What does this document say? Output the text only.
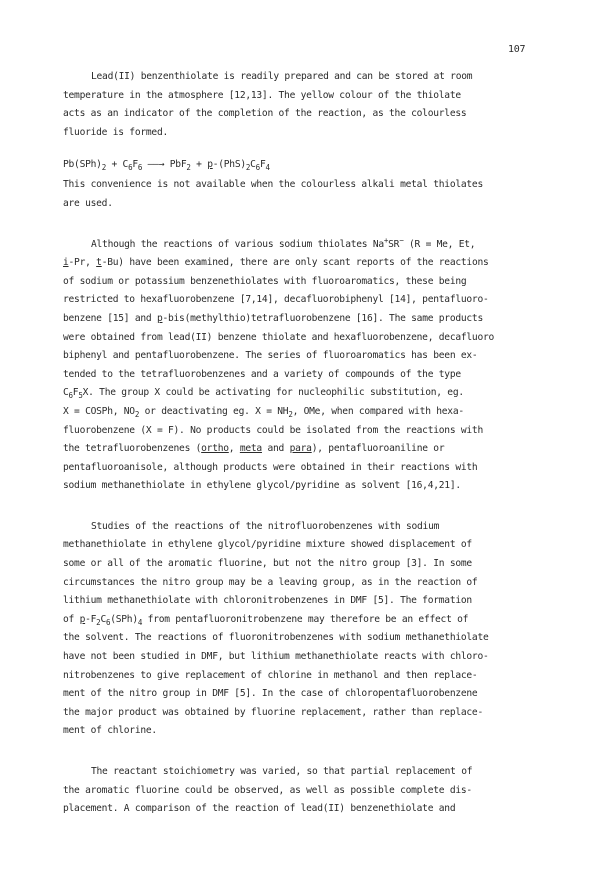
107

Lead(II) benzenthiolate is readily prepared and can be stored at room

temperature in the atmosphere [12,13]. The yellow colour of the thiolate

acts as an indicator of the completion of the reaction, as the colourless

fluoride is formed.

$Pb(SPh)_2 + C_6F_6$ ——→ $PbF_2 + p-(PhS)_2C_6F_4$

This convenience is not available when the colourless alkali metal thiolates

are used.

Although the reactions of various sodium thiolates Na+SR− (R = Me, Et,

i-Pr, t-Bu) have been examined, there are only scant reports of the reactions

of sodium or potassium benzenethiolates with fluoroaromatics, these being

restricted to hexafluorobenzene [7,14], decafluorobiphenyl [14], pentafluoro-

benzene [15] and p-bis(methylthio)tetrafluorobenzene [16]. The same products

were obtained from lead(II) benzene thiolate and hexafluorobenzene, decafluoro

biphenyl and pentafluorobenzene. The series of fluoroaromatics has been ex-

tended to the tetrafluorobenzenes and a variety of compounds of the type

$C_6F_5X$. The group X could be activating for nucleophilic substitution, eg.

X = COSPh, $NO_2$ or deactivating eg. $X = NH_2$, OMe, when compared with hexa-

fluorobenzene (X = F). No products could be isolated from the reactions with

the tetrafluorobenzenes (ortho, meta and para), pentafluoroaniline or

pentafluoroanisole, although products were obtained in their reactions with

sodium methanethiolate in ethylene glycol/pyridine as solvent [16,4,21].

Studies of the reactions of the nitrofluorobenzenes with sodium

methanethiolate in ethylene glycol/pyridine mixture showed displacement of

some or all of the aromatic fluorine, but not the nitro group [3]. In some

circumstances the nitro group may be a leaving group, as in the reaction of

lithium methanethiolate with chloronitrobenzenes in DMF [5]. The formation

of $p-F_2C_6(SPh)_4$ from pentafluoronitrobenzene may therefore be an effect of

the solvent. The reactions of fluoronitrobenzenes with sodium methanethiolate

have not been studied in DMF, but lithium methanethiolate reacts with chloro-

nitrobenzenes to give replacement of chlorine in methanol and then replace-

ment of the nitro group in DMF [5]. In the case of chloropentafluorobenzene

the major product was obtained by fluorine replacement, rather than replace-

ment of chlorine.

The reactant stoichiometry was varied, so that partial replacement of

the aromatic fluorine could be observed, as well as possible complete dis-

placement. A comparison of the reaction of lead(II) benzenethiolate and
